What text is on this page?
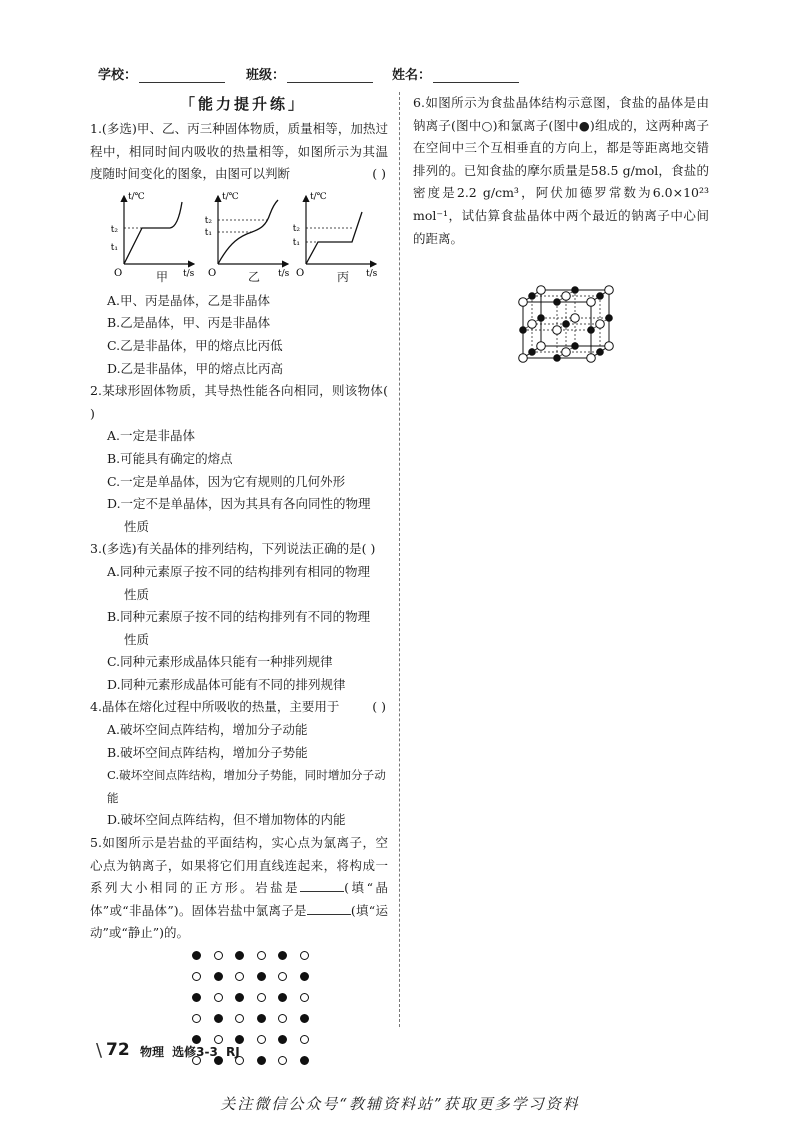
学校：	班级：	姓名：
「能力提升练」
1.(多选)甲、乙、丙三种固体物质，质量相等，加热过程中，相同时间内吸收的热量相等，如图所示为其温度随时间变化的图象，由图可以判断	( )
t₁
t₂
t/℃
O	t/s
t₁
t₂
t/℃
O	t/s
t₁
t₂
t/℃
O	t/s
甲	乙	丙
A.甲、丙是晶体，乙是非晶体
B.乙是晶体，甲、丙是非晶体
C.乙是非晶体，甲的熔点比丙低
D.乙是非晶体，甲的熔点比丙高
2.某球形固体物质，其导热性能各向相同，则该物体( )
A.一定是非晶体
B.可能具有确定的熔点
C.一定是单晶体，因为它有规则的几何外形
D.一定不是单晶体，因为其具有各向同性的物理
性质
3.(多选)有关晶体的排列结构，下列说法正确的是( )
A.同种元素原子按不同的结构排列有相同的物理
性质
B.同种元素原子按不同的结构排列有不同的物理
性质
C.同种元素形成晶体只能有一种排列规律
D.同种元素形成晶体可能有不同的排列规律
4.晶体在熔化过程中所吸收的热量，主要用于	( )
A.破坏空间点阵结构，增加分子动能
B.破坏空间点阵结构，增加分子势能
C.破坏空间点阵结构，增加分子势能，同时增加分子动能
D.破坏空间点阵结构，但不增加物体的内能
5.如图所示是岩盐的平面结构，实心点为氯离子，空心点为钠离子，如果将它们用直线连起来，将构成一系列大小相同的正方形。岩盐是	(填“晶体”或“非晶体”)。固体岩盐中氯离子是	(填“运动”或“静止”)的。
6.如图所示为食盐晶体结构示意图，食盐的晶体是由钠离子(图中○)和氯离子(图中●)组成的，这两种离子在空间中三个互相垂直的方向上，都是等距离地交错排列的。已知食盐的摩尔质量是58.5 g/mol，食盐的密度是2.2 g/cm³，阿伏加德罗常数为6.0×10²³ mol⁻¹，试估算食盐晶体中两个最近的钠离子中心间的距离。
\ 72 物理 选修3-3 RJ
关注微信公众号“教辅资料站”获取更多学习资料
